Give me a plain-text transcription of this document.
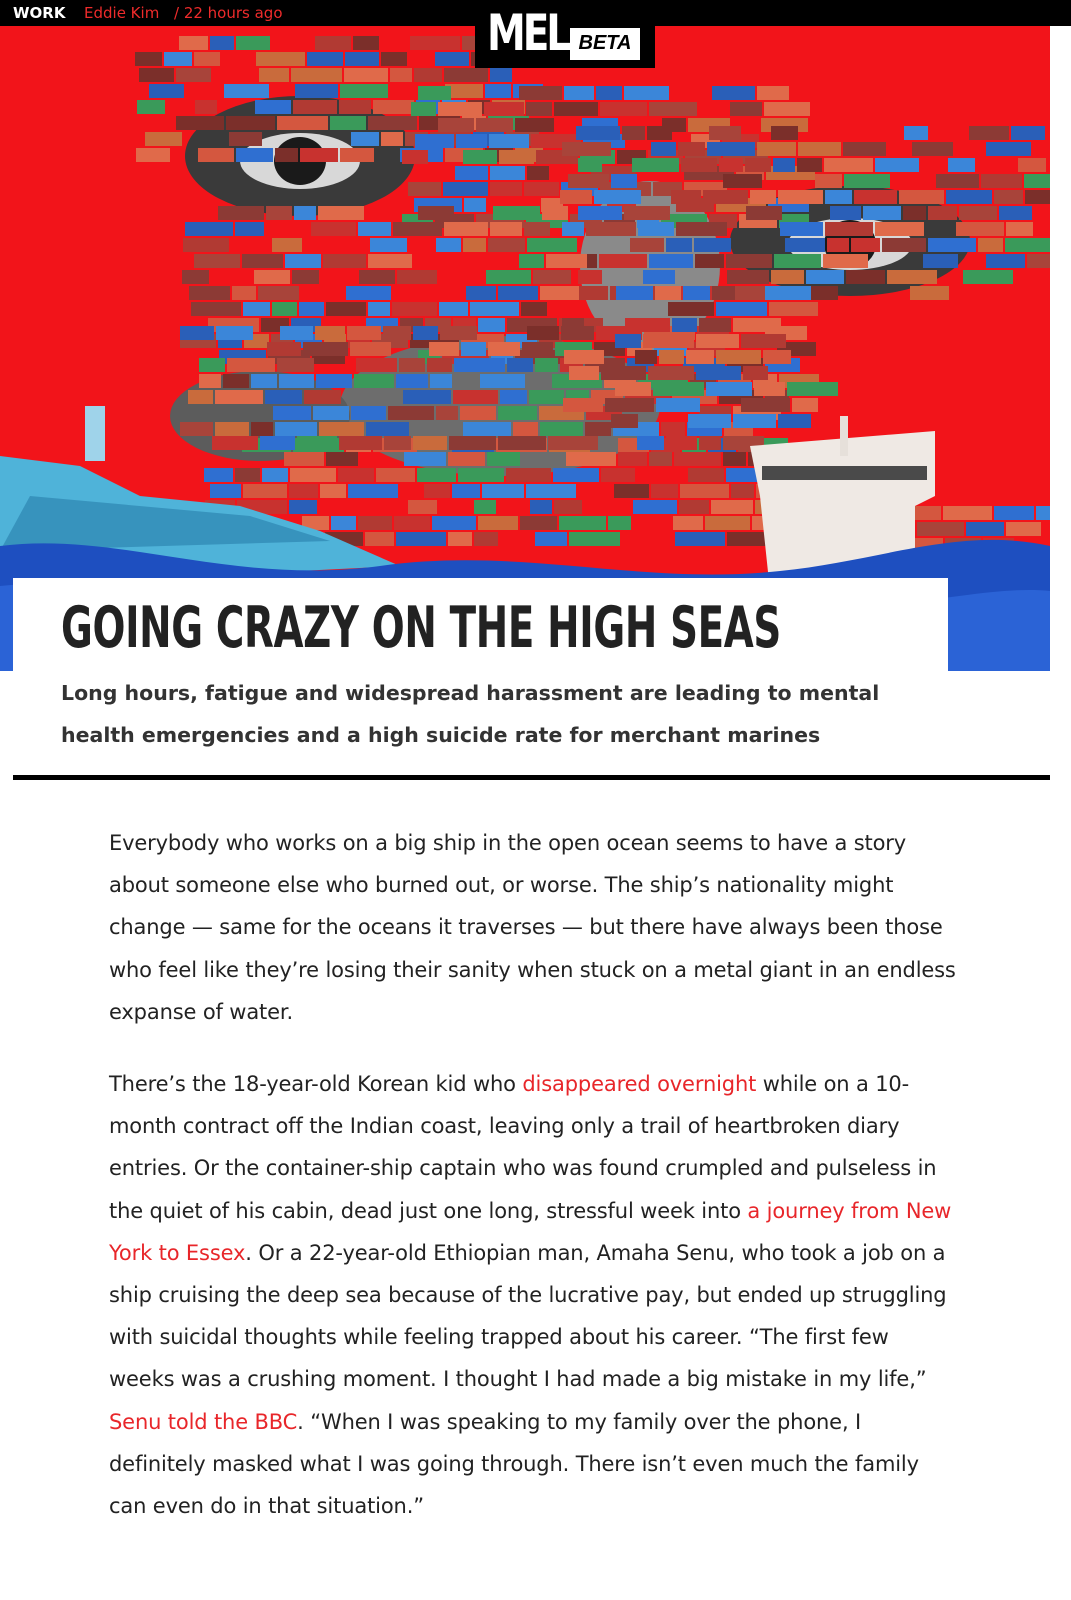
WORK Eddie Kim / 22 hours ago	MEL BETA
GOING CRAZY ON THE HIGH SEAS

Long hours, fatigue and widespread harassment are leading to mental health emergencies and a high suicide rate for merchant marines

Everybody who works on a big ship in the open ocean seems to have a story about someone else who burned out, or worse. The ship’s nationality might change — same for the oceans it traverses — but there have always been those who feel like they’re losing their sanity when stuck on a metal giant in an endless expanse of water.

There’s the 18-year-old Korean kid who disappeared overnight while on a 10-month contract off the Indian coast, leaving only a trail of heartbroken diary entries. Or the container-ship captain who was found crumpled and pulseless in the quiet of his cabin, dead just one long, stressful week into a journey from New York to Essex. Or a 22-year-old Ethiopian man, Amaha Senu, who took a job on a ship cruising the deep sea because of the lucrative pay, but ended up struggling with suicidal thoughts while feeling trapped about his career. “The first few weeks was a crushing moment. I thought I had made a big mistake in my life,” Senu told the BBC. “When I was speaking to my family over the phone, I definitely masked what I was going through. There isn’t even much the family can even do in that situation.”
